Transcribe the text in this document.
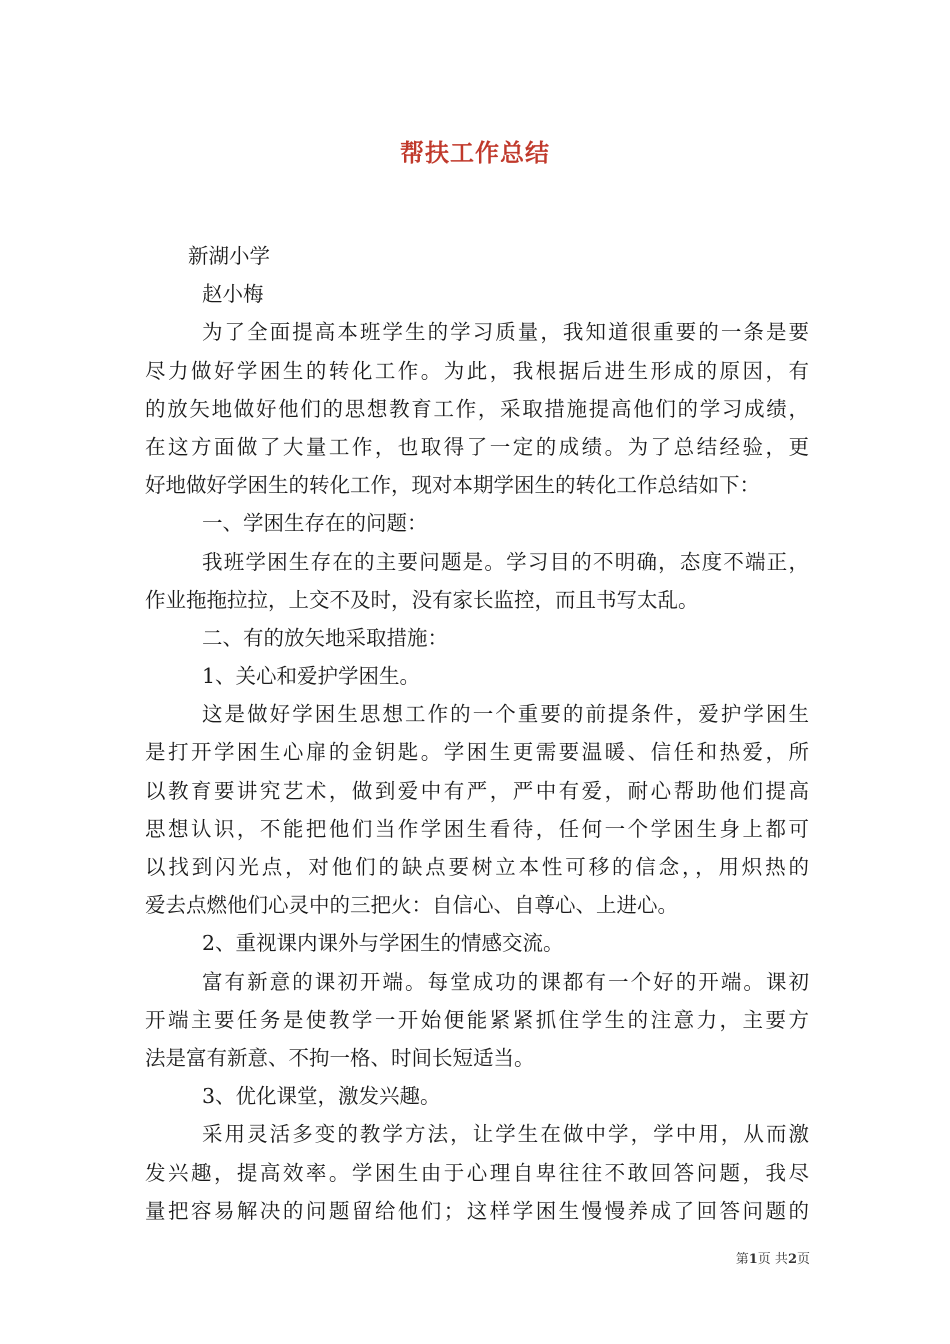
帮扶工作总结
新湖小学
赵小梅
为了全面提高本班学生的学习质量，我知道很重要的一条是要
尽力做好学困生的转化工作。为此，我根据后进生形成的原因，有
的放矢地做好他们的思想教育工作，采取措施提高他们的学习成绩，
在这方面做了大量工作，也取得了一定的成绩。为了总结经验，更
好地做好学困生的转化工作，现对本期学困生的转化工作总结如下：
一、学困生存在的问题：
我班学困生存在的主要问题是。学习目的不明确，态度不端正，
作业拖拖拉拉，上交不及时，没有家长监控，而且书写太乱。
二、有的放矢地采取措施：
1、关心和爱护学困生。
这是做好学困生思想工作的一个重要的前提条件，爱护学困生
是打开学困生心扉的金钥匙。学困生更需要温暖、信任和热爱，所
以教育要讲究艺术，做到爱中有严，严中有爱，耐心帮助他们提高
思想认识，不能把他们当作学困生看待，任何一个学困生身上都可
以找到闪光点，对他们的缺点要树立本性可移的信念，，用炽热的
爱去点燃他们心灵中的三把火：自信心、自尊心、上进心。
2、重视课内课外与学困生的情感交流。
富有新意的课初开端。每堂成功的课都有一个好的开端。课初
开端主要任务是使教学一开始便能紧紧抓住学生的注意力，主要方
法是富有新意、不拘一格、时间长短适当。
3、优化课堂，激发兴趣。
采用灵活多变的教学方法，让学生在做中学，学中用，从而激
发兴趣，提高效率。学困生由于心理自卑往往不敢回答问题，我尽
量把容易解决的问题留给他们；这样学困生慢慢养成了回答问题的
第1页 共2页
